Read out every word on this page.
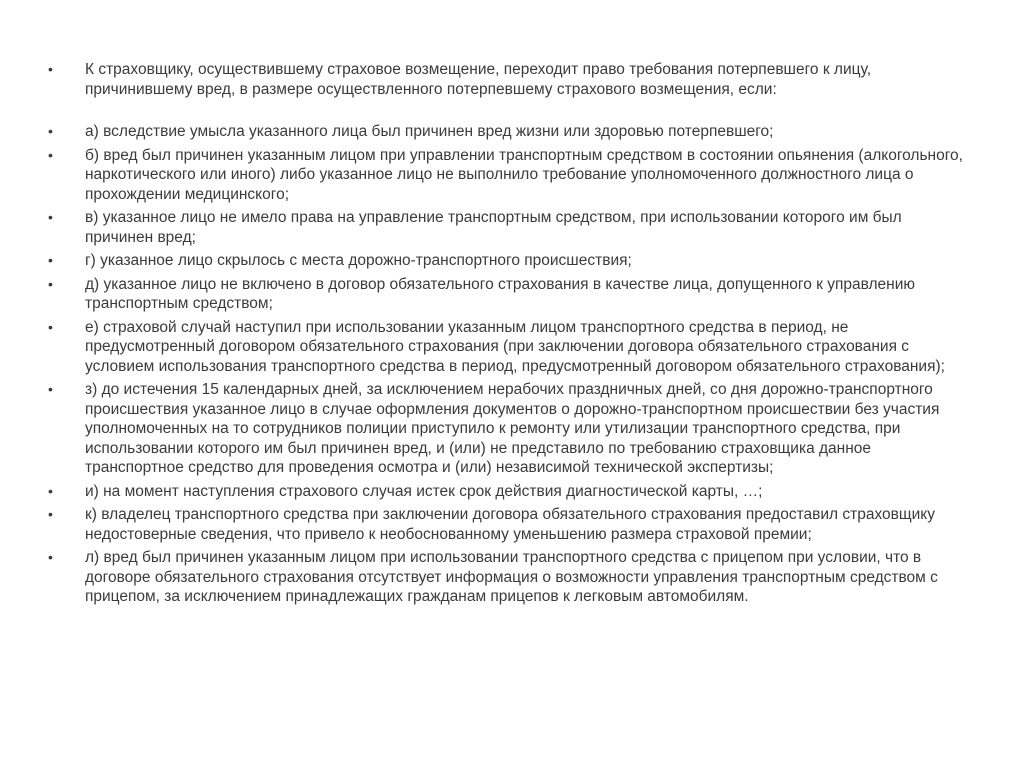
•	К страховщику, осуществившему страховое возмещение, переходит право требования потерпевшего к лицу, причинившему вред, в размере осуществленного потерпевшему страхового возмещения, если:
•	а) вследствие умысла указанного лица был причинен вред жизни или здоровью потерпевшего;
•	б) вред был причинен указанным лицом при управлении транспортным средством в состоянии опьянения (алкогольного, наркотического или иного) либо указанное лицо не выполнило требование уполномоченного должностного лица о прохождении медицинского;
•	в) указанное лицо не имело права на управление транспортным средством, при использовании которого им был причинен вред;
•	г) указанное лицо скрылось с места дорожно-транспортного происшествия;
•	д) указанное лицо не включено в договор обязательного страхования в качестве лица, допущенного к управлению транспортным средством;
•	е) страховой случай наступил при использовании указанным лицом транспортного средства в период, не предусмотренный договором обязательного страхования (при заключении договора обязательного страхования с условием использования транспортного средства в период, предусмотренный договором обязательного страхования);
•	з) до истечения 15 календарных дней, за исключением нерабочих праздничных дней, со дня дорожно-транспортного происшествия указанное лицо в случае оформления документов о дорожно-транспортном происшествии без участия уполномоченных на то сотрудников полиции приступило к ремонту или утилизации транспортного средства, при использовании которого им был причинен вред, и (или) не представило по требованию страховщика данное транспортное средство для проведения осмотра и (или) независимой технической экспертизы;
•	и) на момент наступления страхового случая истек срок действия диагностической карты, …;
•	к) владелец транспортного средства при заключении договора обязательного страхования предоставил страховщику недостоверные сведения, что привело к необоснованному уменьшению размера страховой премии;
•	л) вред был причинен указанным лицом при использовании транспортного средства с прицепом при условии, что в договоре обязательного страхования отсутствует информация о возможности управления транспортным средством с прицепом, за исключением принадлежащих гражданам прицепов к легковым автомобилям.
